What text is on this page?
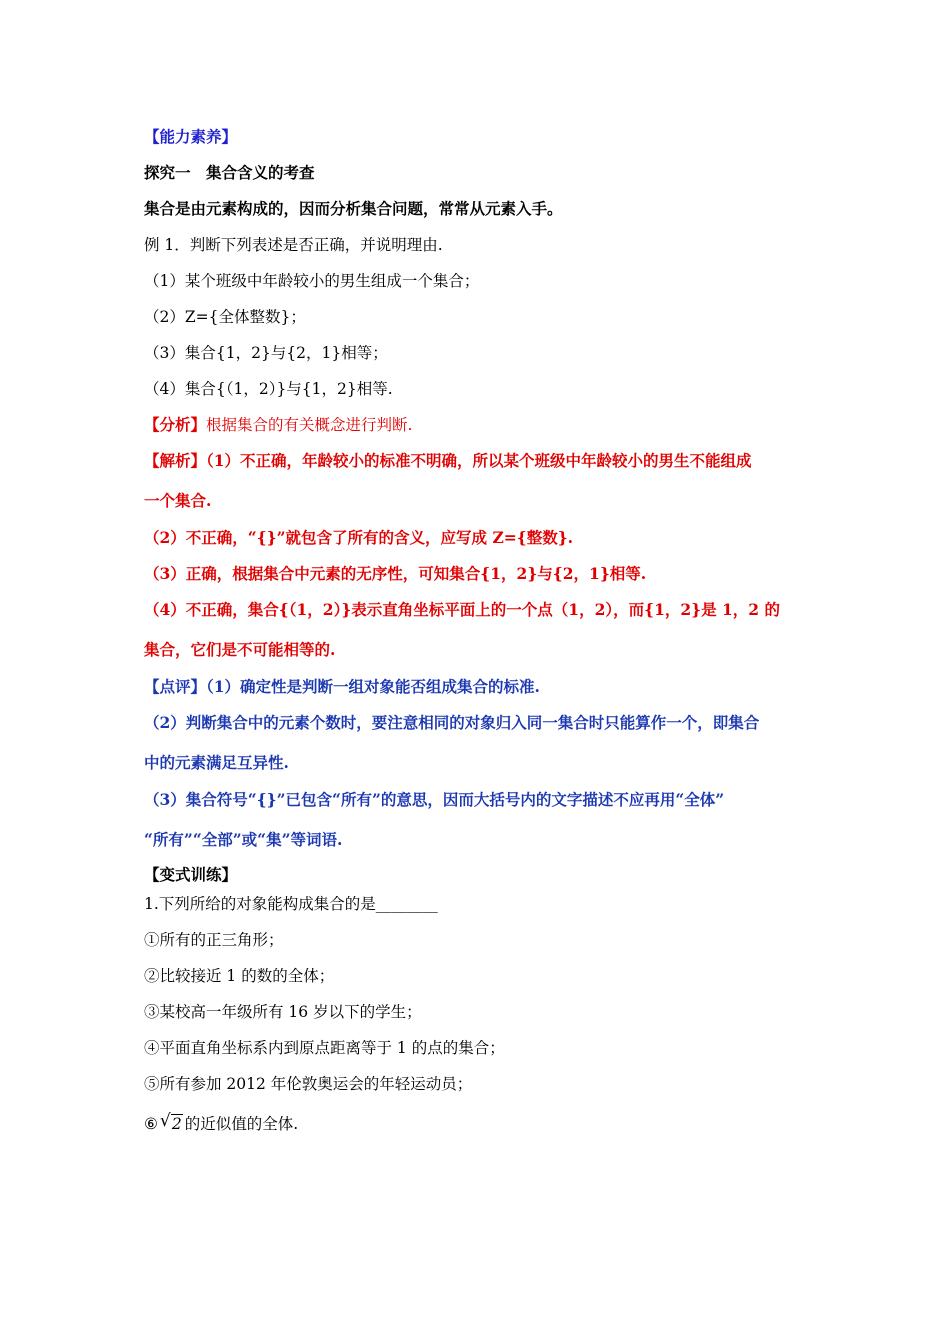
【能力素养】
探究一　集合含义的考查
集合是由元素构成的，因而分析集合问题，常常从元素入手。
例 1．判断下列表述是否正确，并说明理由.
（1）某个班级中年龄较小的男生组成一个集合；
（2）Z={全体整数}；
（3）集合{1，2}与{2，1}相等；
（4）集合{（1，2）}与{1，2}相等.
【分析】根据集合的有关概念进行判断.
【解析】（1）不正确，年龄较小的标准不明确，所以某个班级中年龄较小的男生不能组成
一个集合.
（2）不正确，“{}”就包含了所有的含义，应写成 Z={整数}.
（3）正确，根据集合中元素的无序性，可知集合{1，2}与{2，1}相等.
（4）不正确，集合{（1，2）}表示直角坐标平面上的一个点（1，2），而{1，2}是 1，2 的
集合，它们是不可能相等的.
【点评】（1）确定性是判断一组对象能否组成集合的标准.
（2）判断集合中的元素个数时，要注意相同的对象归入同一集合时只能算作一个，即集合
中的元素满足互异性.
（3）集合符号“{}”已包含“所有”的意思，因而大括号内的文字描述不应再用“全体”
“所有”“全部”或“集”等词语.
【变式训练】
1.下列所给的对象能构成集合的是________
①所有的正三角形；
②比较接近 1 的数的全体；
③某校高一年级所有 16 岁以下的学生；
④平面直角坐标系内到原点距离等于 1 的点的集合；
⑤所有参加 2012 年伦敦奥运会的年轻运动员；
⑥ √ 2 的近似值的全体.
